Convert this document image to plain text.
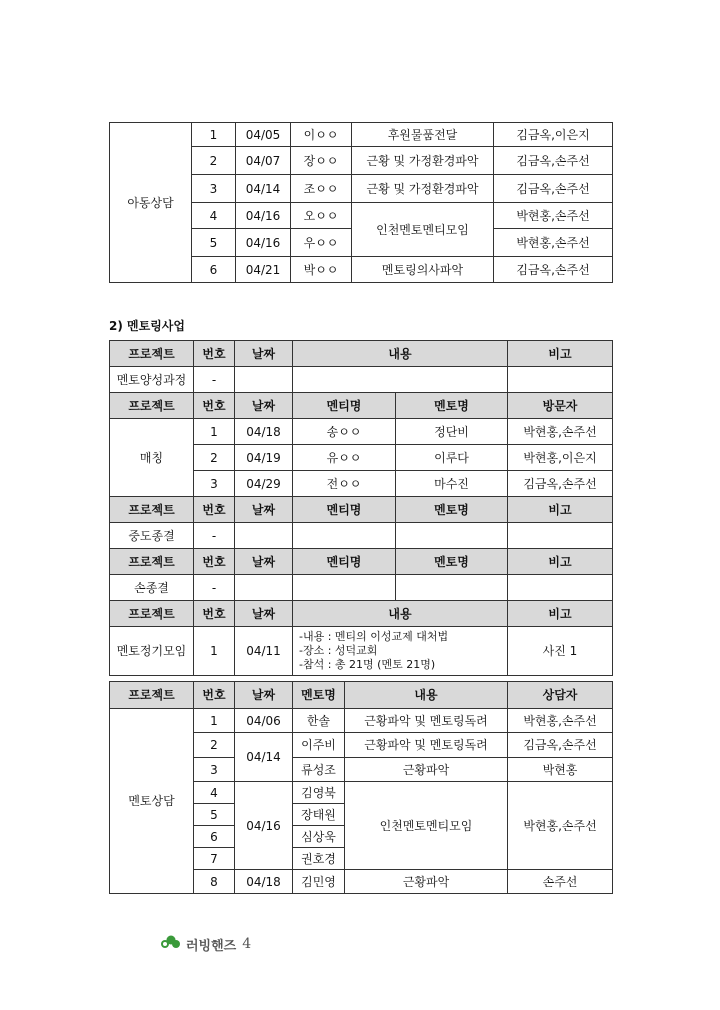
아동상담	1	04/05	이ㅇㅇ	후원물품전달	김금옥,이은지
	2	04/07	장ㅇㅇ	근황 및 가정환경파악	김금옥,손주선
	3	04/14	조ㅇㅇ	근황 및 가정환경파악	김금옥,손주선
	4	04/16	오ㅇㅇ	인천멘토멘티모임	박현홍,손주선
	5	04/16	우ㅇㅇ		박현홍,손주선
	6	04/21	박ㅇㅇ	멘토링의사파악	김금옥,손주선
2) 멘토링사업
프로젝트	번호	날짜	내용		비고
멘토양성과정	-				
프로젝트	번호	날짜	멘티명	멘토명	방문자
매칭	1	04/18	송ㅇㅇ	정단비	박현홍,손주선
	2	04/19	유ㅇㅇ	이루다	박현홍,이은지
	3	04/29	전ㅇㅇ	마수진	김금옥,손주선
프로젝트	번호	날짜	멘티명	멘토명	비고
중도종결	-				
프로젝트	번호	날짜	멘티명	멘토명	비고
손종결	-				
프로젝트	번호	날짜	내용		비고
멘토정기모임	1	04/11	-내용 : 멘티의 이성교제 대처법
-장소 : 성덕교회
-참석 : 총 21명 (멘토 21명)		사진 1
프로젝트	번호	날짜	멘토명	내용	상담자
멘토상담	1	04/06	한솔	근황파악 및 멘토링독려	박현홍,손주선
	2	04/14	이주비	근황파악 및 멘토링독려	김금옥,손주선
	3		류성조	근황파악	박현홍
	4	04/16	김영북	인천멘토멘티모임	박현홍,손주선
	5		장태원		
	6		심상욱		
	7		권호경		
	8	04/18	김민영	근황파악	손주선
러빙핸즈 4
